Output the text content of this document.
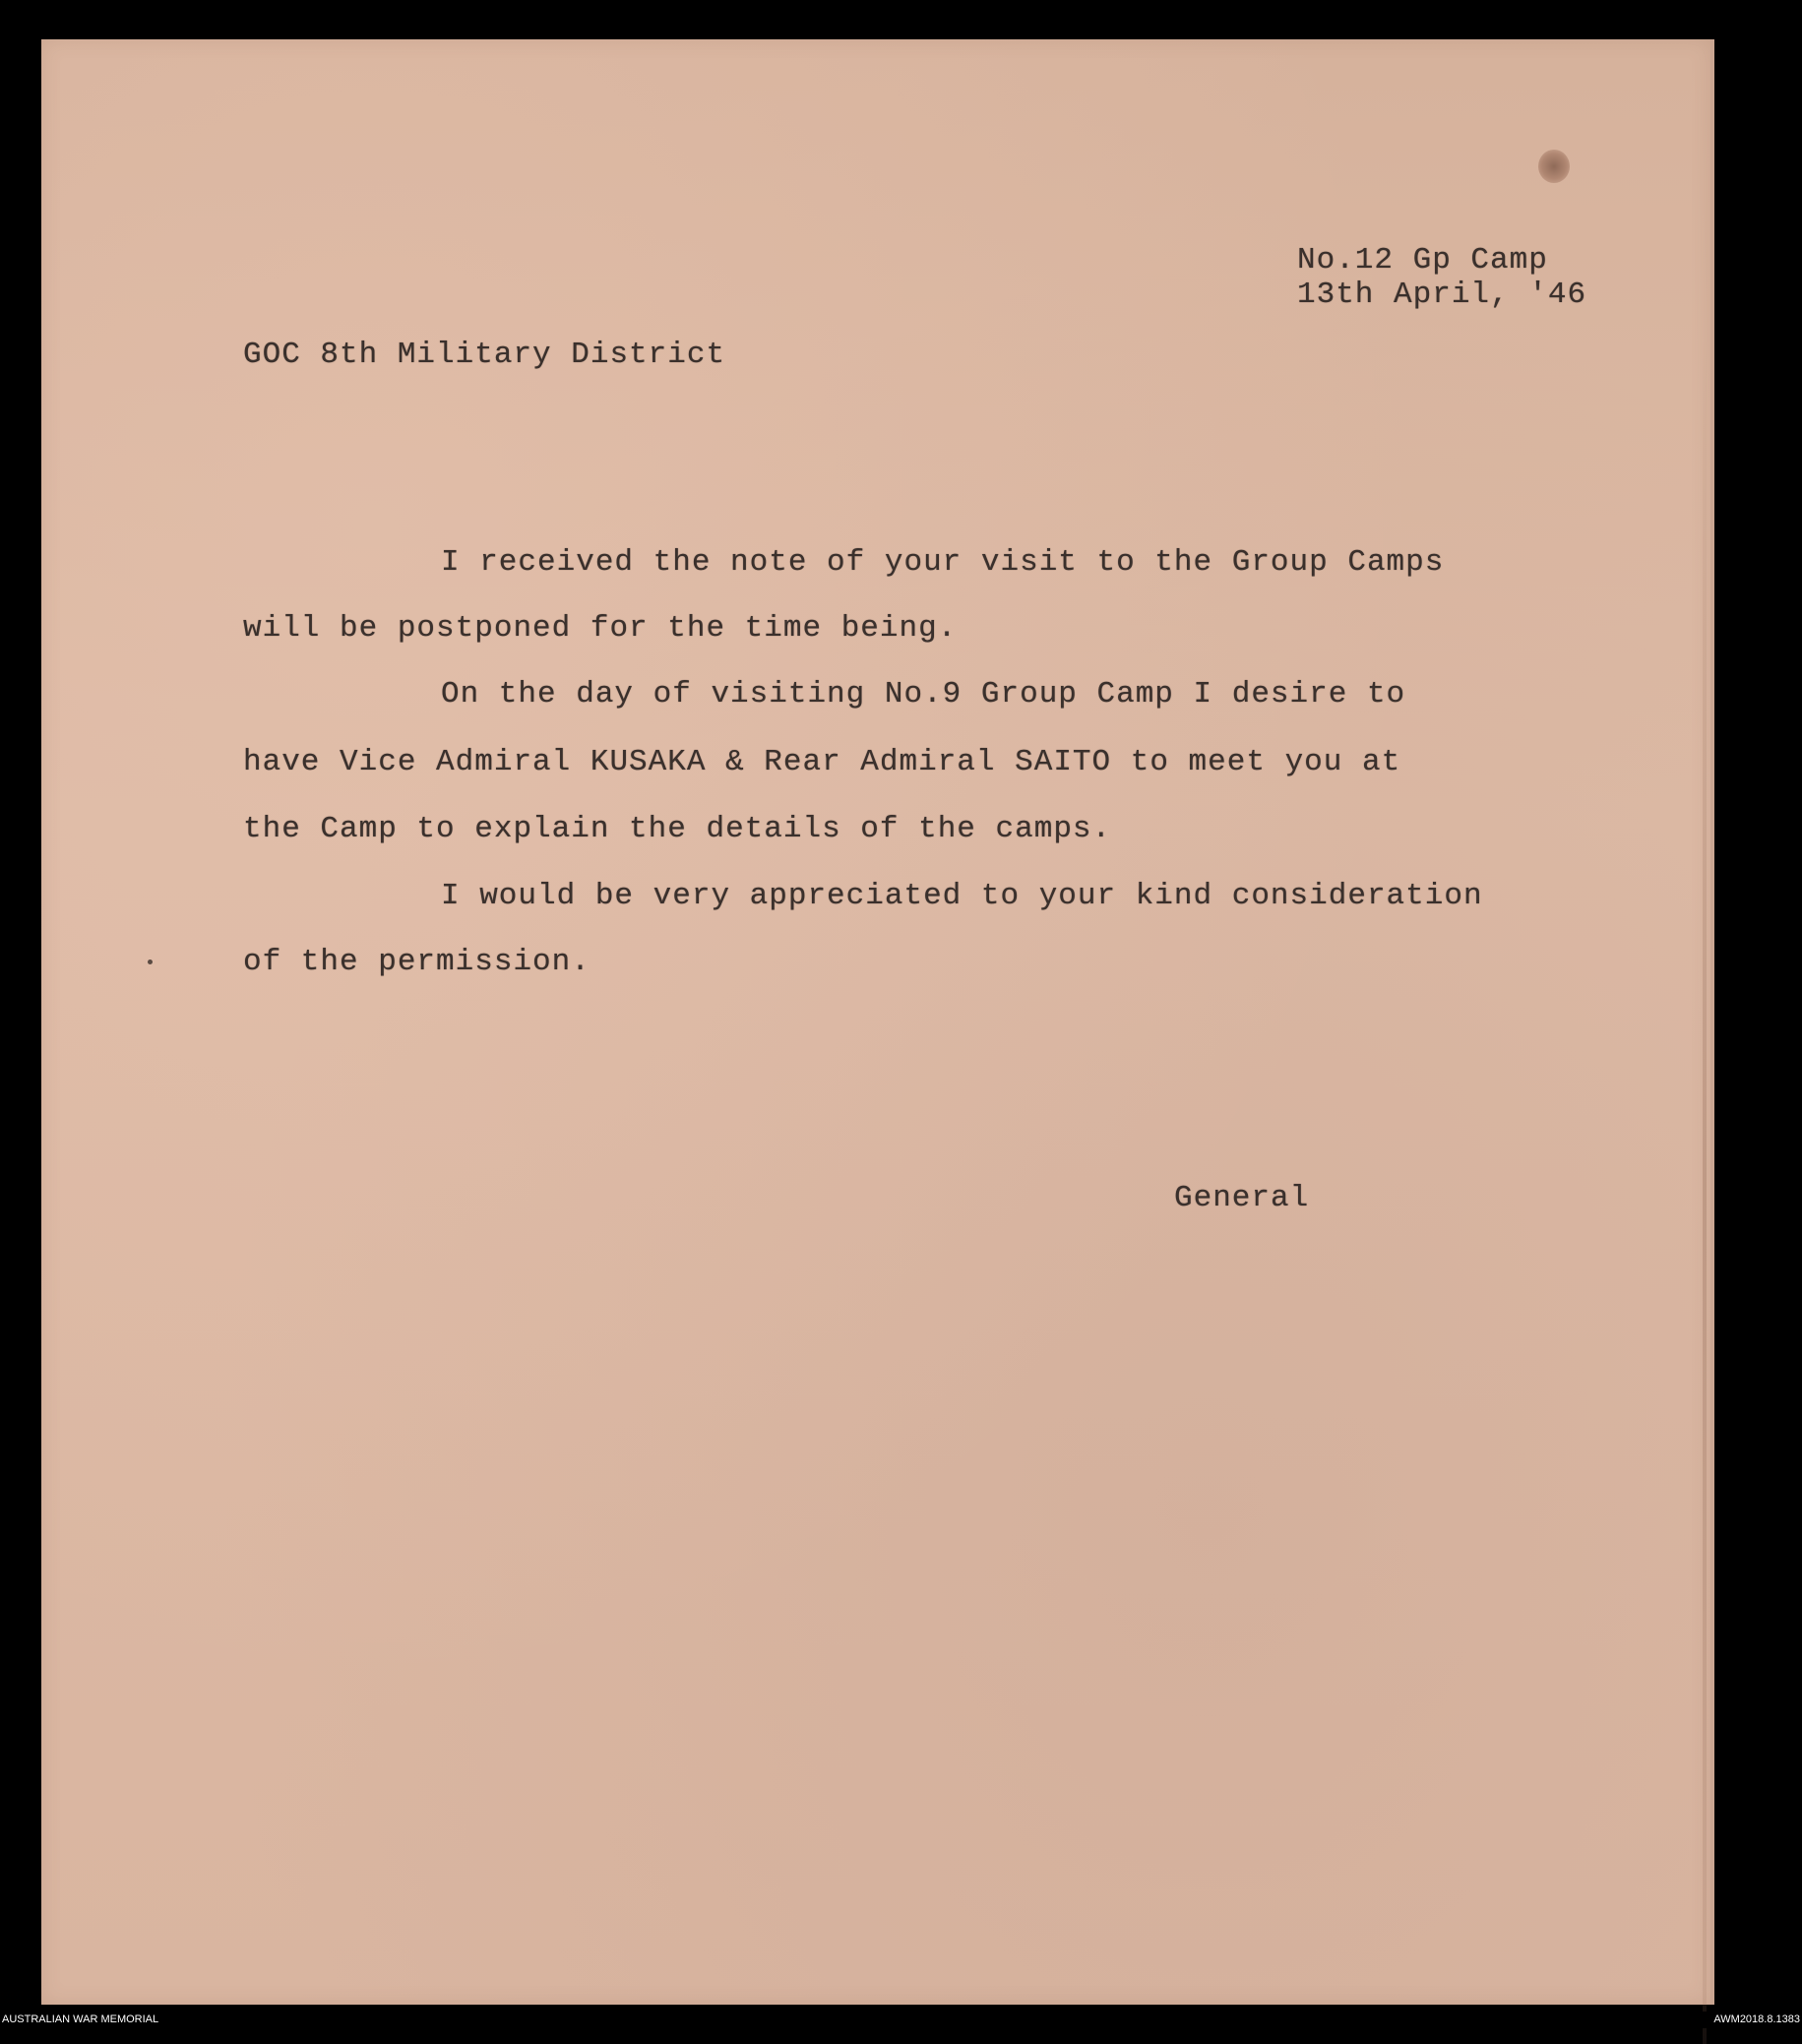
No.12 Gp Camp
13th April, '46
GOC 8th Military District
I received the note of your visit to the Group Camps
will be postponed for the time being.
On the day of visiting No.9 Group Camp I desire to
have Vice Admiral KUSAKA & Rear Admiral SAITO to meet you at
the Camp to explain the details of the camps.
I would be very appreciated to your kind consideration
of the permission.
General
AUSTRALIAN WAR MEMORIAL	AWM2018.8.1383
